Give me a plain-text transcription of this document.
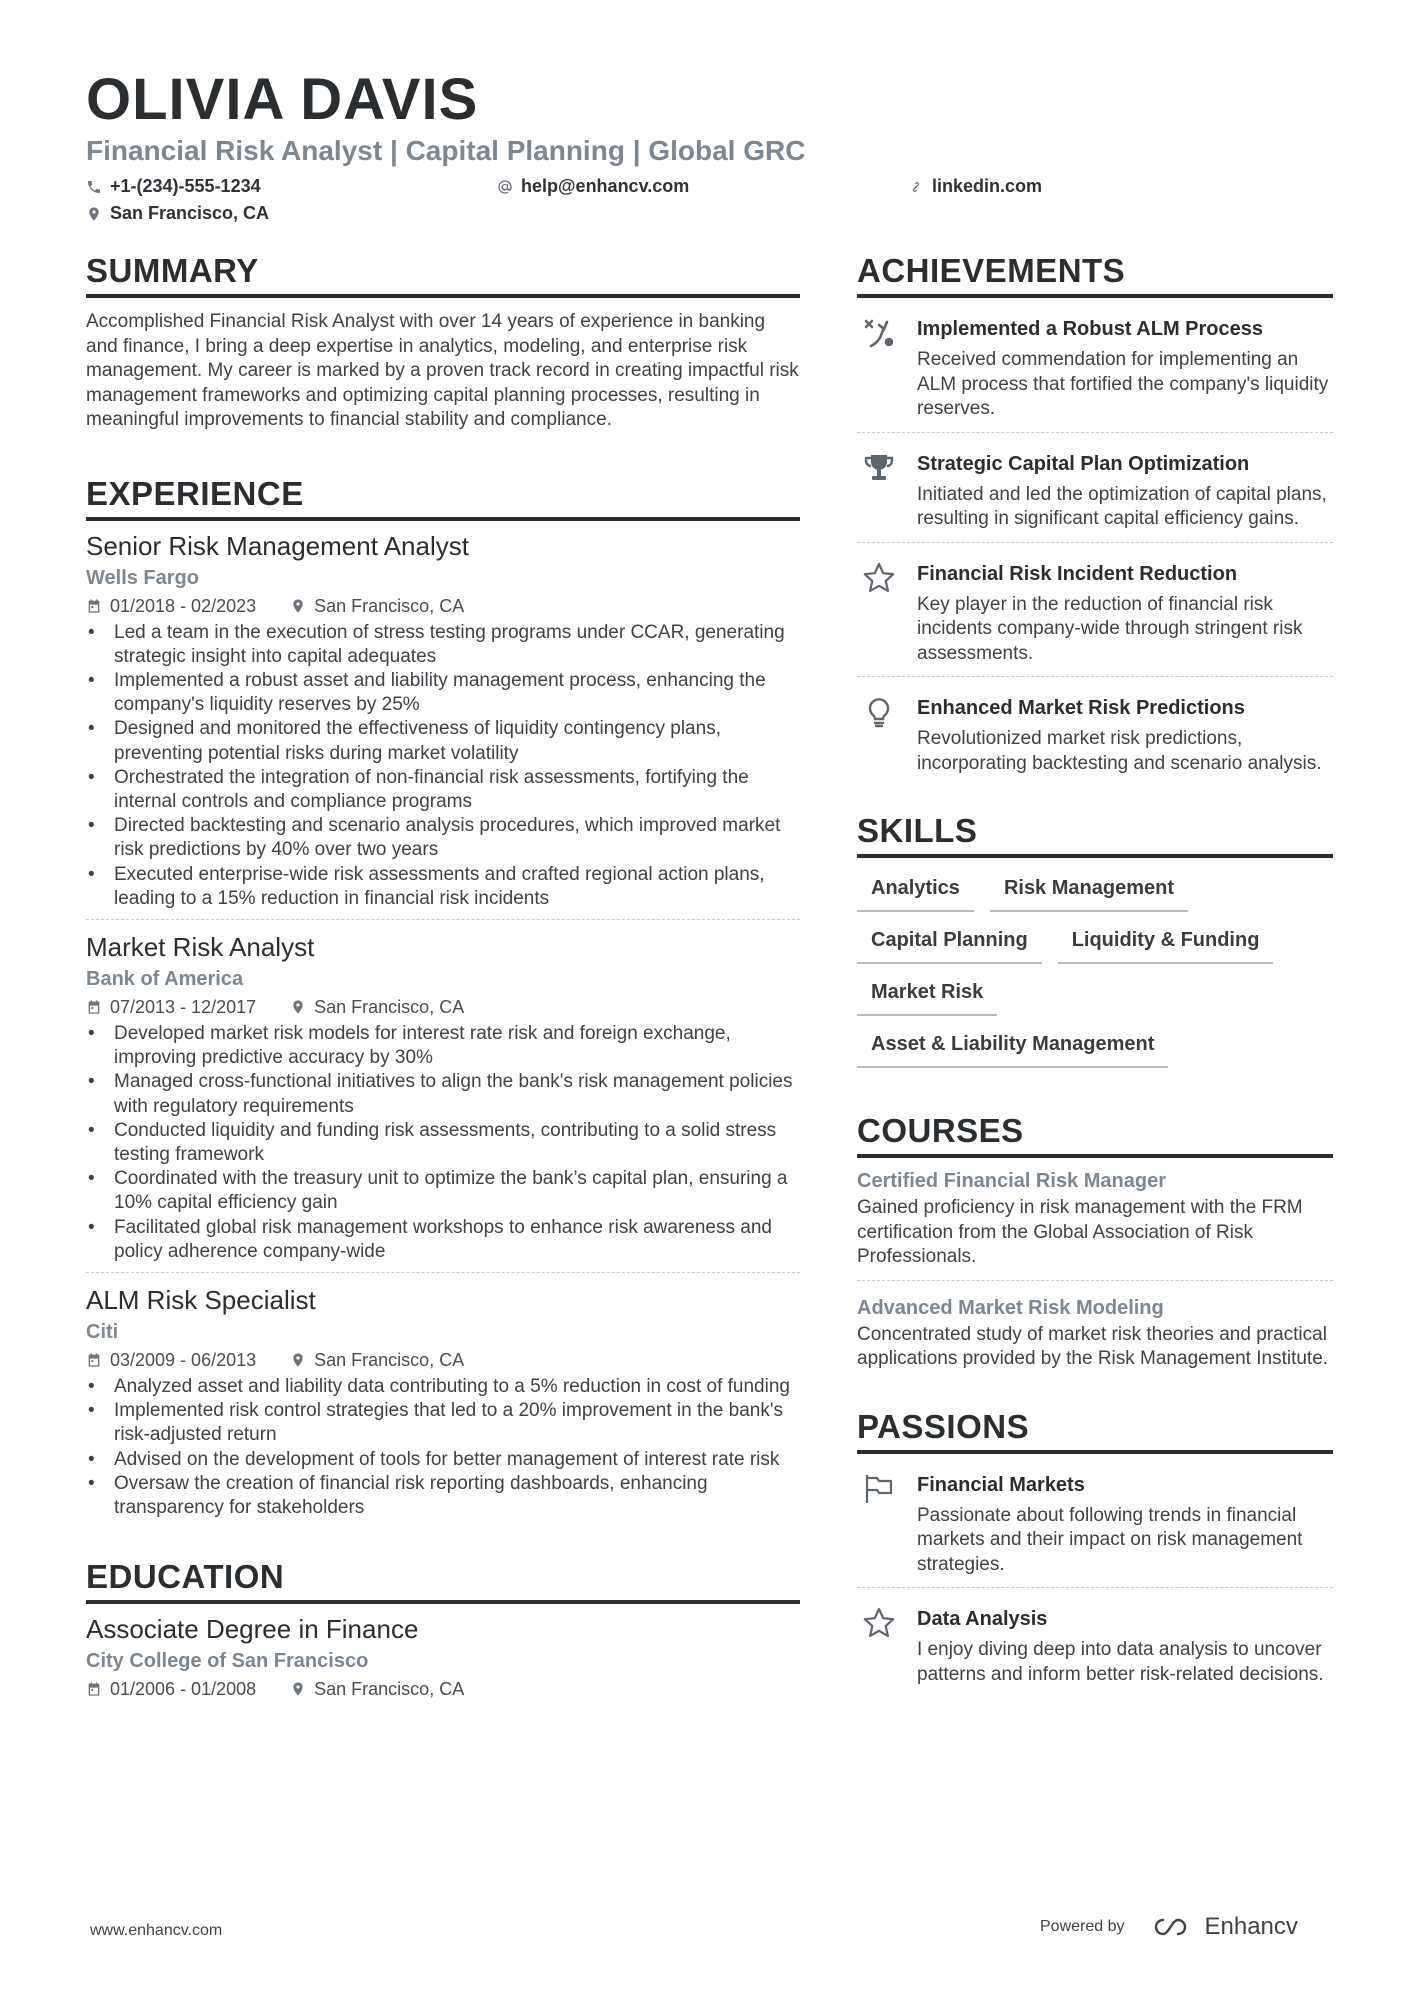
OLIVIA DAVIS
Financial Risk Analyst | Capital Planning | Global GRC
+1-(234)-555-1234	help@enhancv.com	linkedin.com
San Francisco, CA
SUMMARY
Accomplished Financial Risk Analyst with over 14 years of experience in banking and finance, I bring a deep expertise in analytics, modeling, and enterprise risk management. My career is marked by a proven track record in creating impactful risk management frameworks and optimizing capital planning processes, resulting in meaningful improvements to financial stability and compliance.
EXPERIENCE
Senior Risk Management Analyst
Wells Fargo
01/2018 - 02/2023	San Francisco, CA
• Led a team in the execution of stress testing programs under CCAR, generating strategic insight into capital adequates
• Implemented a robust asset and liability management process, enhancing the company's liquidity reserves by 25%
• Designed and monitored the effectiveness of liquidity contingency plans, preventing potential risks during market volatility
• Orchestrated the integration of non-financial risk assessments, fortifying the internal controls and compliance programs
• Directed backtesting and scenario analysis procedures, which improved market risk predictions by 40% over two years
• Executed enterprise-wide risk assessments and crafted regional action plans, leading to a 15% reduction in financial risk incidents
Market Risk Analyst
Bank of America
07/2013 - 12/2017	San Francisco, CA
• Developed market risk models for interest rate risk and foreign exchange, improving predictive accuracy by 30%
• Managed cross-functional initiatives to align the bank's risk management policies with regulatory requirements
• Conducted liquidity and funding risk assessments, contributing to a solid stress testing framework
• Coordinated with the treasury unit to optimize the bank’s capital plan, ensuring a 10% capital efficiency gain
• Facilitated global risk management workshops to enhance risk awareness and policy adherence company-wide
ALM Risk Specialist
Citi
03/2009 - 06/2013	San Francisco, CA
• Analyzed asset and liability data contributing to a 5% reduction in cost of funding
• Implemented risk control strategies that led to a 20% improvement in the bank's risk-adjusted return
• Advised on the development of tools for better management of interest rate risk
• Oversaw the creation of financial risk reporting dashboards, enhancing transparency for stakeholders
EDUCATION
Associate Degree in Finance
City College of San Francisco
01/2006 - 01/2008	San Francisco, CA
ACHIEVEMENTS
Implemented a Robust ALM Process
Received commendation for implementing an ALM process that fortified the company's liquidity reserves.
Strategic Capital Plan Optimization
Initiated and led the optimization of capital plans, resulting in significant capital efficiency gains.
Financial Risk Incident Reduction
Key player in the reduction of financial risk incidents company-wide through stringent risk assessments.
Enhanced Market Risk Predictions
Revolutionized market risk predictions, incorporating backtesting and scenario analysis.
SKILLS
Analytics	Risk Management
Capital Planning	Liquidity & Funding
Market Risk
Asset & Liability Management
COURSES
Certified Financial Risk Manager
Gained proficiency in risk management with the FRM certification from the Global Association of Risk Professionals.
Advanced Market Risk Modeling
Concentrated study of market risk theories and practical applications provided by the Risk Management Institute.
PASSIONS
Financial Markets
Passionate about following trends in financial markets and their impact on risk management strategies.
Data Analysis
I enjoy diving deep into data analysis to uncover patterns and inform better risk-related decisions.
www.enhancv.com	Powered by	Enhancv
